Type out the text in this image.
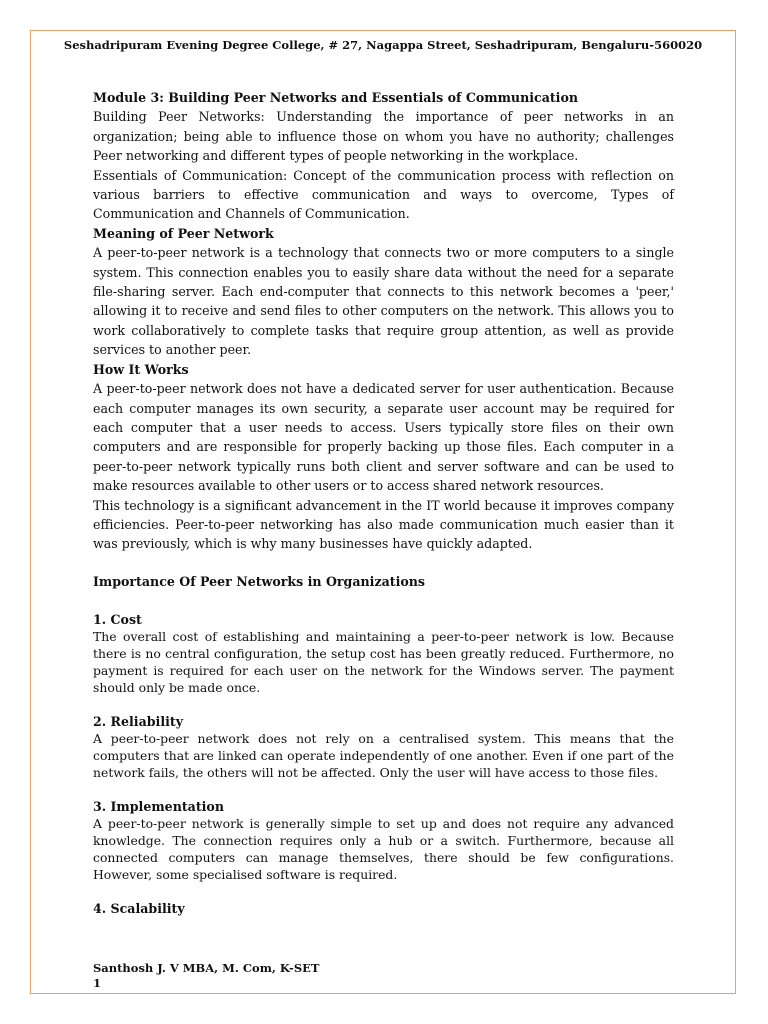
Seshadripuram Evening Degree College, # 27, Nagappa Street, Seshadripuram, Bengaluru-560020
Module 3: Building Peer Networks and Essentials of Communication

Building Peer Networks: Understanding the importance of peer networks in an organization; being able to influence those on whom you have no authority; challenges Peer networking and different types of people networking in the workplace.

Essentials of Communication: Concept of the communication process with reflection on various barriers to effective communication and ways to overcome, Types of Communication and Channels of Communication.

Meaning of Peer Network

A peer-to-peer network is a technology that connects two or more computers to a single system. This connection enables you to easily share data without the need for a separate file-sharing server. Each end-computer that connects to this network becomes a 'peer,' allowing it to receive and send files to other computers on the network. This allows you to work collaboratively to complete tasks that require group attention, as well as provide services to another peer.

How It Works

A peer-to-peer network does not have a dedicated server for user authentication. Because each computer manages its own security, a separate user account may be required for each computer that a user needs to access. Users typically store files on their own computers and are responsible for properly backing up those files. Each computer in a peer-to-peer network typically runs both client and server software and can be used to make resources available to other users or to access shared network resources.

This technology is a significant advancement in the IT world because it improves company efficiencies. Peer-to-peer networking has also made communication much easier than it was previously, which is why many businesses have quickly adapted.

Importance Of Peer Networks in Organizations
1. Cost

The overall cost of establishing and maintaining a peer-to-peer network is low. Because there is no central configuration, the setup cost has been greatly reduced. Furthermore, no payment is required for each user on the network for the Windows server. The payment should only be made once.

2. Reliability

A peer-to-peer network does not rely on a centralised system. This means that the computers that are linked can operate independently of one another. Even if one part of the network fails, the others will not be affected. Only the user will have access to those files.

3. Implementation

A peer-to-peer network is generally simple to set up and does not require any advanced knowledge. The connection requires only a hub or a switch. Furthermore, because all connected computers can manage themselves, there should be few configurations. However, some specialised software is required.

4. Scalability
Santhosh J. V MBA, M. Com, K-SET
1
